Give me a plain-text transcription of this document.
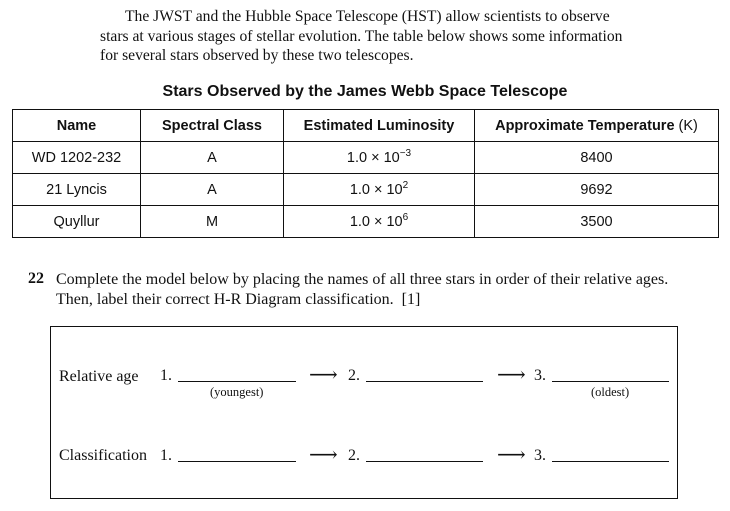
The JWST and the Hubble Space Telescope (HST) allow scientists to observe
stars at various stages of stellar evolution. The table below shows some information
for several stars observed by these two telescopes.
Stars Observed by the James Webb Space Telescope
Name	Spectral Class	Estimated Luminosity	Approximate Temperature (K)
WD 1202-232	A	$1.0 \times 10^{-3}$	8400
21 Lyncis	A	$1.0 \times 10^2$	9692
Quyllur	M	$1.0 \times 10^6$	3500
22 Complete the model below by placing the names of all three stars in order of their relative ages.
Then, label their correct H-R Diagram classification. [1]
Relative age 1.
(youngest)
⟶ 2.	⟶ 3.
(oldest)
Classification 1.	⟶ 2.	⟶ 3.
